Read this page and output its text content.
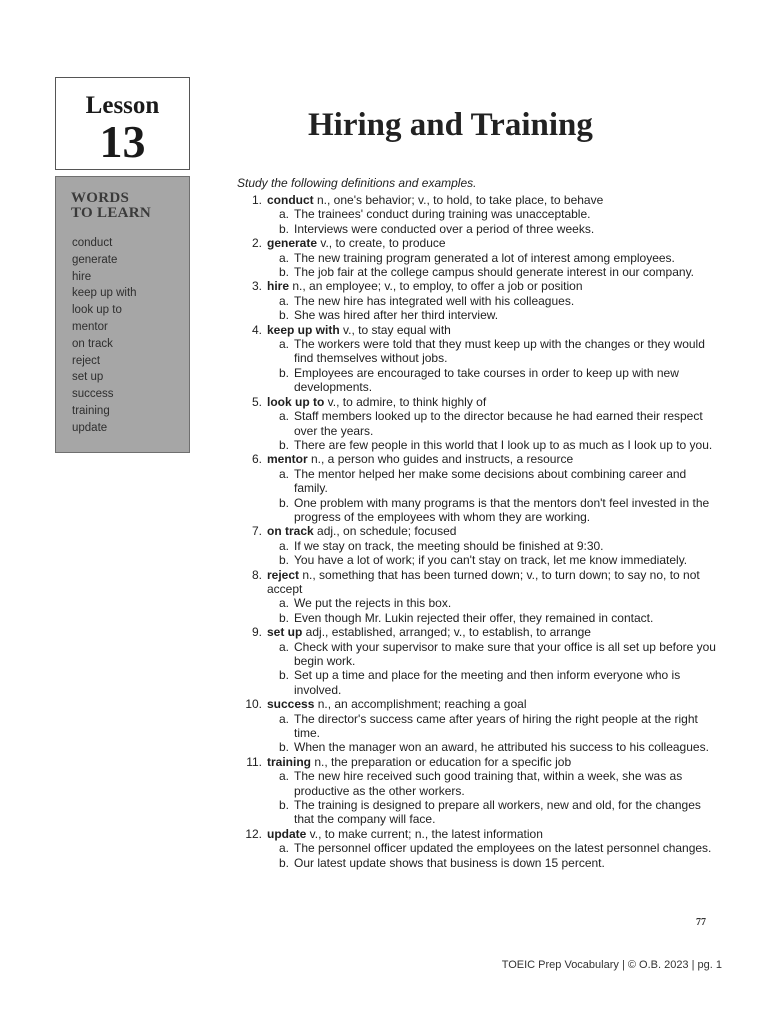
Lesson
13
WORDS
TO LEARN
conduct
generate
hire
keep up with
look up to
mentor
on track
reject
set up
success
training
update
Hiring and Training
Study the following definitions and examples.
1. conduct n., one's behavior; v., to hold, to take place, to behave
a. The trainees' conduct during training was unacceptable.
b. Interviews were conducted over a period of three weeks.
2. generate v., to create, to produce
a. The new training program generated a lot of interest among employees.
b. The job fair at the college campus should generate interest in our company.
3. hire n., an employee; v., to employ, to offer a job or position
a. The new hire has integrated well with his colleagues.
b. She was hired after her third interview.
4. keep up with v., to stay equal with
a. The workers were told that they must keep up with the changes or they would find themselves without jobs.
b. Employees are encouraged to take courses in order to keep up with new developments.
5. look up to v., to admire, to think highly of
a. Staff members looked up to the director because he had earned their respect over the years.
b. There are few people in this world that I look up to as much as I look up to you.
6. mentor n., a person who guides and instructs, a resource
a. The mentor helped her make some decisions about combining career and family.
b. One problem with many programs is that the mentors don't feel invested in the progress of the employees with whom they are working.
7. on track adj., on schedule; focused
a. If we stay on track, the meeting should be finished at 9:30.
b. You have a lot of work; if you can't stay on track, let me know immediately.
8. reject n., something that has been turned down; v., to turn down; to say no, to not accept
a. We put the rejects in this box.
b. Even though Mr. Lukin rejected their offer, they remained in contact.
9. set up adj., established, arranged; v., to establish, to arrange
a. Check with your supervisor to make sure that your office is all set up before you begin work.
b. Set up a time and place for the meeting and then inform everyone who is involved.
10. success n., an accomplishment; reaching a goal
a. The director's success came after years of hiring the right people at the right time.
b. When the manager won an award, he attributed his success to his colleagues.
11. training n., the preparation or education for a specific job
a. The new hire received such good training that, within a week, she was as productive as the other workers.
b. The training is designed to prepare all workers, new and old, for the changes that the company will face.
12. update v., to make current; n., the latest information
a. The personnel officer updated the employees on the latest personnel changes.
b. Our latest update shows that business is down 15 percent.
77
TOEIC Prep Vocabulary | © O.B. 2023 | pg. 1
